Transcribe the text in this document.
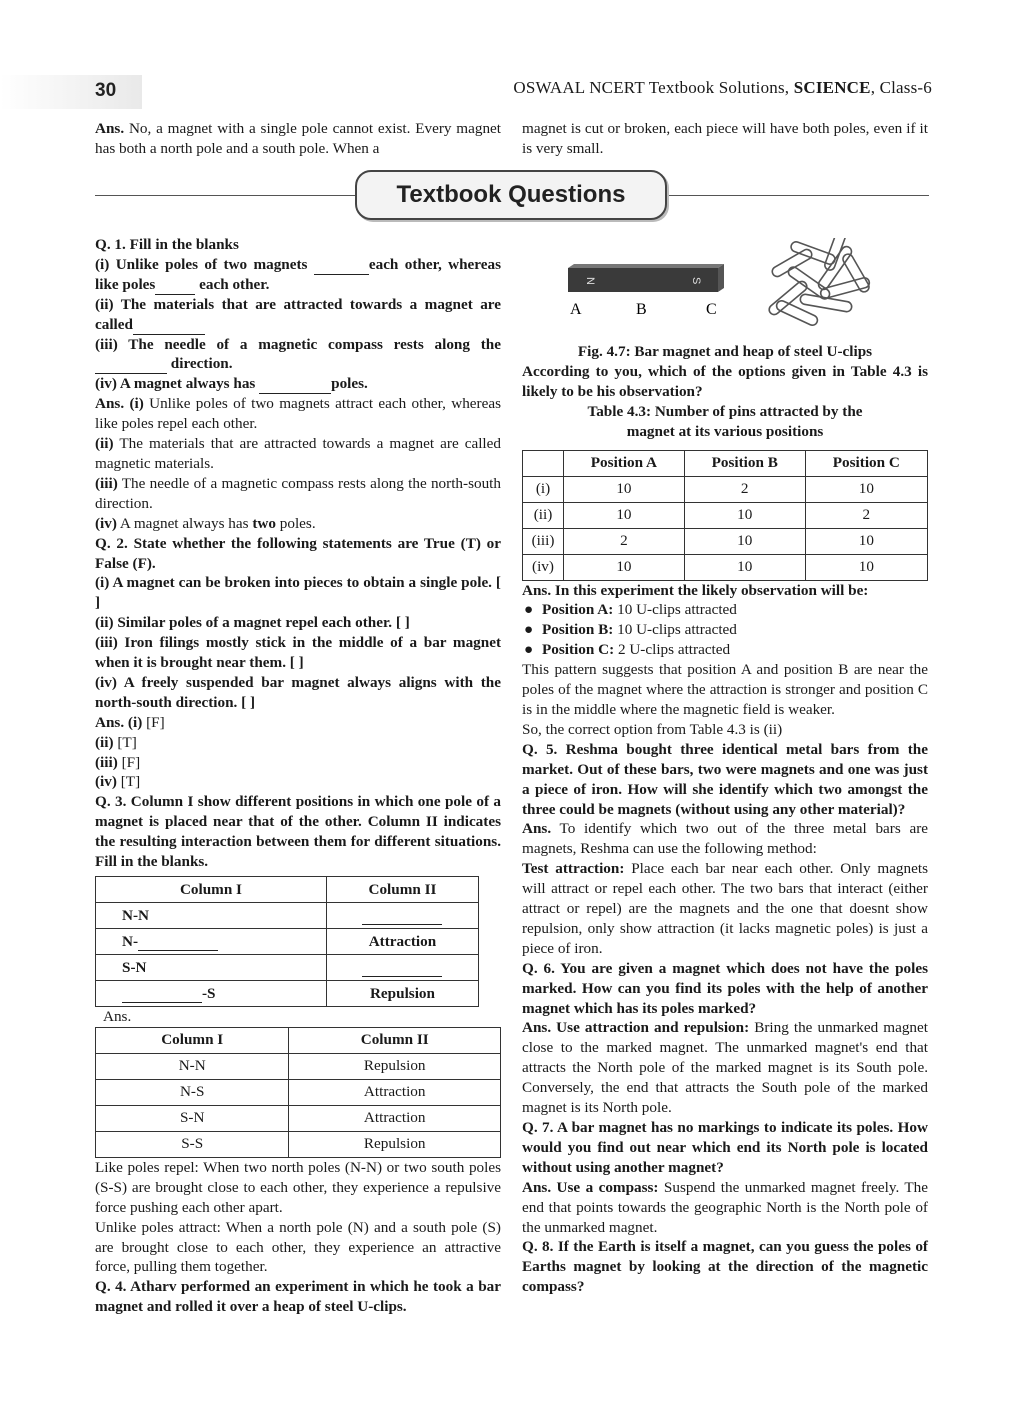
30	OSWAAL NCERT Textbook Solutions, SCIENCE, Class-6

Ans. No, a magnet with a single pole cannot exist. Every magnet has both a north pole and a south pole. When a

magnet is cut or broken, each piece will have both poles, even if it is very small.

Textbook Questions

Q. 1. Fill in the blanks

(i) Unlike poles of two magnets	each other, whereas like poles	each other.

(ii) The materials that are attracted towards a magnet are called

(iii) The needle of a magnetic compass rests along the direction.

(iv) A magnet always has	poles.

Ans. (i) Unlike poles of two magnets attract each other, whereas like poles repel each other.

(ii) The materials that are attracted towards a magnet are called magnetic materials.

(iii) The needle of a magnetic compass rests along the north-south direction.

(iv) A magnet always has two poles.

Q. 2. State whether the following statements are True (T) or False (F).

(i) A magnet can be broken into pieces to obtain a single pole. [ ]

(ii) Similar poles of a magnet repel each other. [ ]

(iii) Iron filings mostly stick in the middle of a bar magnet when it is brought near them. [ ]

(iv) A freely suspended bar magnet always aligns with the north-south direction. [ ]

Ans. (i) [F]

(ii) [T]

(iii) [F]

(iv) [T]

Q. 3. Column I show different positions in which one pole of a magnet is placed near that of the other. Column II indicates the resulting interaction between them for different situations. Fill in the blanks.

Column I	Column II
N-N	
N-	Attraction
S-N	
-S	Repulsion

Ans.

Column I	Column II
N-N	Repulsion
N-S	Attraction
S-N	Attraction
S-S	Repulsion

Like poles repel: When two north poles (N-N) or two south poles (S-S) are brought close to each other, they experience a repulsive force pushing each other apart.

Unlike poles attract: When a north pole (N) and a south pole (S) are brought close to each other, they experience an attractive force, pulling them together.

Q. 4. Atharv performed an experiment in which he took a bar magnet and rolled it over a heap of steel U-clips.

N	S
A	B	C

Fig. 4.7: Bar magnet and heap of steel U-clips

According to you, which of the options given in Table 4.3 is likely to be his observation?

Table 4.3: Number of pins attracted by the

magnet at its various positions

	Position A	Position B	Position C
(i)	10	2	10
(ii)	10	10	2
(iii)	2	10	10
(iv)	10	10	10

Ans. In this experiment the likely observation will be:

● Position A: 10 U-clips attracted

● Position B: 10 U-clips attracted

● Position C: 2 U-clips attracted

This pattern suggests that position A and position B are near the poles of the magnet where the attraction is stronger and position C is in the middle where the magnetic field is weaker.

So, the correct option from Table 4.3 is (ii)

Q. 5. Reshma bought three identical metal bars from the market. Out of these bars, two were magnets and one was just a piece of iron. How will she identify which two amongst the three could be magnets (without using any other material)?

Ans. To identify which two out of the three metal bars are magnets, Reshma can use the following method:

Test attraction: Place each bar near each other. Only magnets will attract or repel each other. The two bars that interact (either attract or repel) are the magnets and the one that doesnt show repulsion, only show attraction (it lacks magnetic poles) is just a piece of iron.

Q. 6. You are given a magnet which does not have the poles marked. How can you find its poles with the help of another magnet which has its poles marked?

Ans. Use attraction and repulsion: Bring the unmarked magnet close to the marked magnet. The unmarked magnet's end that attracts the North pole of the marked magnet is its South pole. Conversely, the end that attracts the South pole of the marked magnet is its North pole.

Q. 7. A bar magnet has no markings to indicate its poles. How would you find out near which end its North pole is located without using another magnet?

Ans. Use a compass: Suspend the unmarked magnet freely. The end that points towards the geographic North is the North pole of the unmarked magnet.

Q. 8. If the Earth is itself a magnet, can you guess the poles of Earths magnet by looking at the direction of the magnetic compass?
